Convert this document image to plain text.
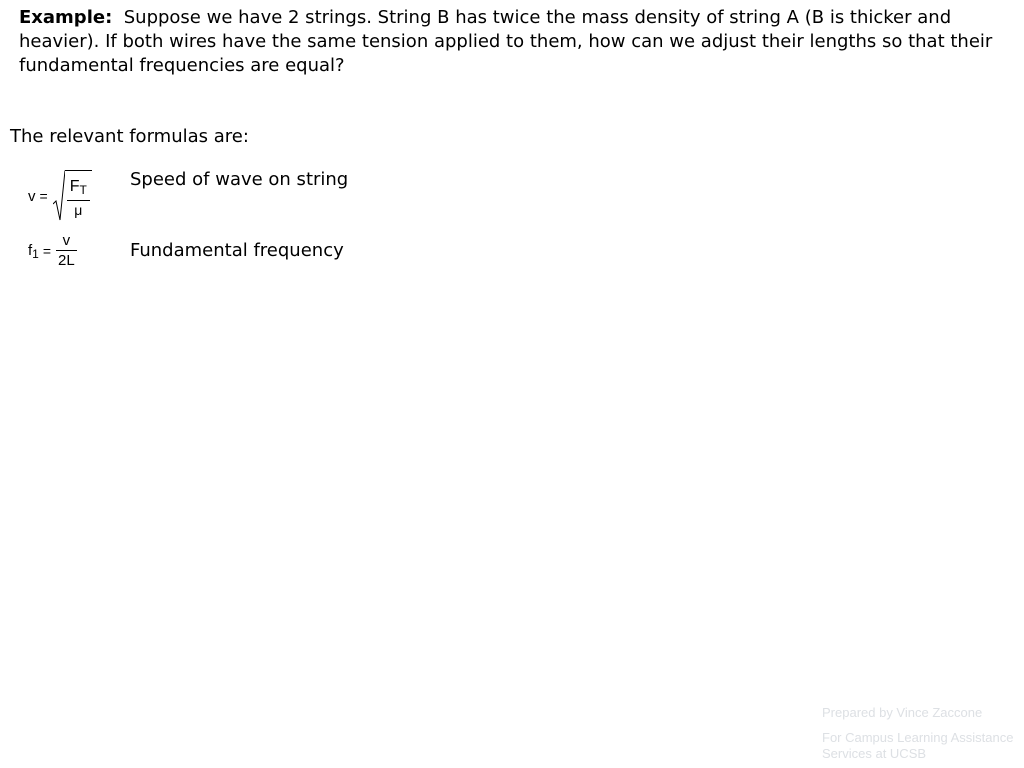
Example: Suppose we have 2 strings. String B has twice the mass density of string A (B is thicker and heavier). If both wires have the same tension applied to them, how can we adjust their lengths so that their fundamental frequencies are equal?

The relevant formulas are:

$v = \frac{F_T}{\mu}$ Speed of wave on string
$f_1 = \frac{v}{2L}$	Fundamental frequency

Prepared by Vince Zaccone

For Campus Learning Assistance Services at UCSB
